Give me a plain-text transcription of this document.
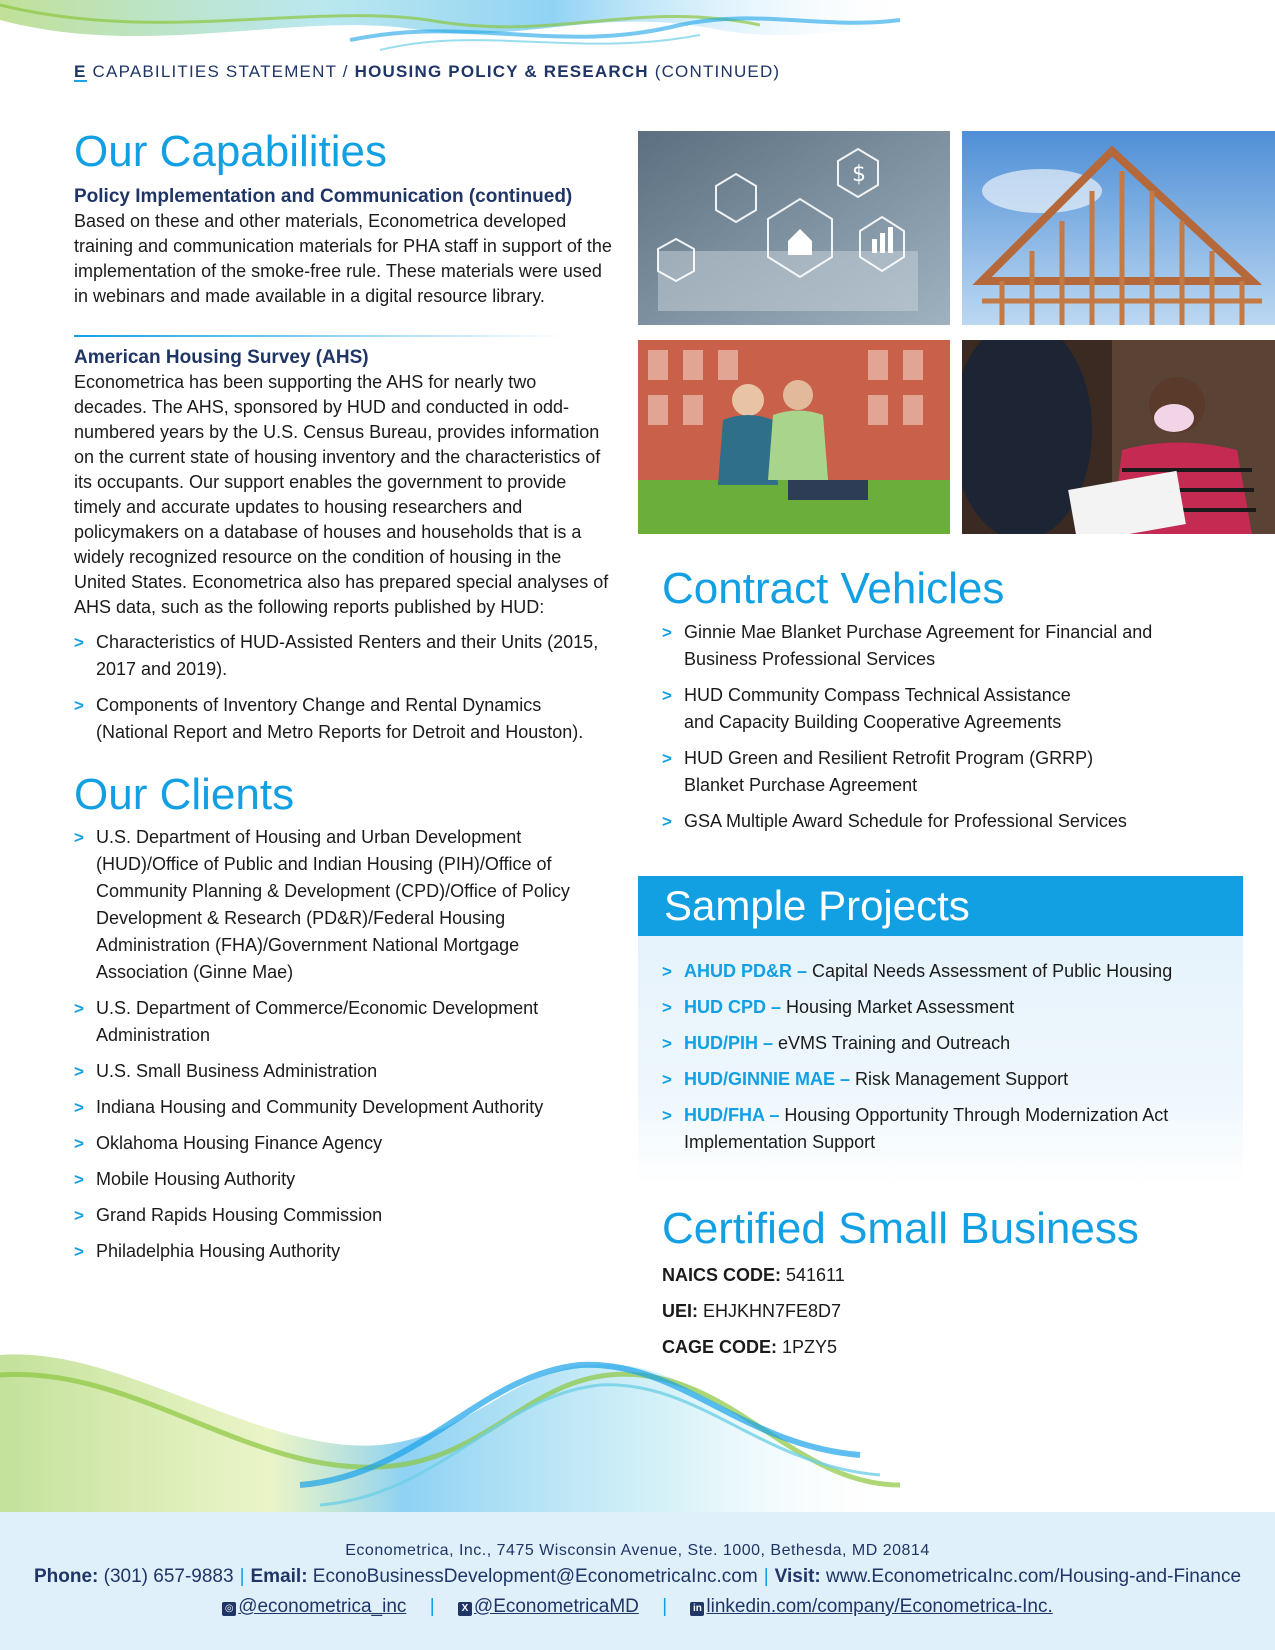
E CAPABILITIES STATEMENT / HOUSING POLICY & RESEARCH (CONTINUED)
Our Capabilities
Policy Implementation and Communication (continued)

Based on these and other materials, Econometrica developed training and communication materials for PHA staff in support of the implementation of the smoke-free rule. These materials were used in webinars and made available in a digital resource library.

American Housing Survey (AHS)

Econometrica has been supporting the AHS for nearly two decades. The AHS, sponsored by HUD and conducted in odd-numbered years by the U.S. Census Bureau, provides information on the current state of housing inventory and the characteristics of its occupants. Our support enables the government to provide timely and accurate updates to housing researchers and policymakers on a database of houses and households that is a widely recognized resource on the condition of housing in the United States. Econometrica also has prepared special analyses of AHS data, such as the following reports published by HUD:

> Characteristics of HUD-Assisted Renters and their Units (2015, 2017 and 2019).
> Components of Inventory Change and Rental Dynamics (National Report and Metro Reports for Detroit and Houston).
Our Clients
> U.S. Department of Housing and Urban Development (HUD)/Office of Public and Indian Housing (PIH)/Office of Community Planning & Development (CPD)/Office of Policy Development & Research (PD&R)/Federal Housing Administration (FHA)/Government National Mortgage Association (Ginne Mae)
> U.S. Department of Commerce/Economic Development Administration
> U.S. Small Business Administration
> Indiana Housing and Community Development Authority
> Oklahoma Housing Finance Agency
> Mobile Housing Authority
> Grand Rapids Housing Commission
> Philadelphia Housing Authority
$
Contract Vehicles
> Ginnie Mae Blanket Purchase Agreement for Financial and Business Professional Services
> HUD Community Compass Technical Assistance and Capacity Building Cooperative Agreements
> HUD Green and Resilient Retrofit Program (GRRP) Blanket Purchase Agreement
> GSA Multiple Award Schedule for Professional Services
Sample Projects
> AHUD PD&R – Capital Needs Assessment of Public Housing
> HUD CPD – Housing Market Assessment
> HUD/PIH – eVMS Training and Outreach
> HUD/GINNIE MAE – Risk Management Support
> HUD/FHA – Housing Opportunity Through Modernization Act Implementation Support
Certified Small Business
NAICS CODE: 541611
UEI: EHJKHN7FE8D7
CAGE CODE: 1PZY5
Econometrica, Inc., 7475 Wisconsin Avenue, Ste. 1000, Bethesda, MD 20814
Phone: (301) 657-9883 | Email: EconoBusinessDevelopment@EconometricaInc.com | Visit: www.EconometricaInc.com/Housing-and-Finance
◎ @econometrica_inc |	X @EconometricaMD |	in linkedin.com/company/Econometrica-Inc.
